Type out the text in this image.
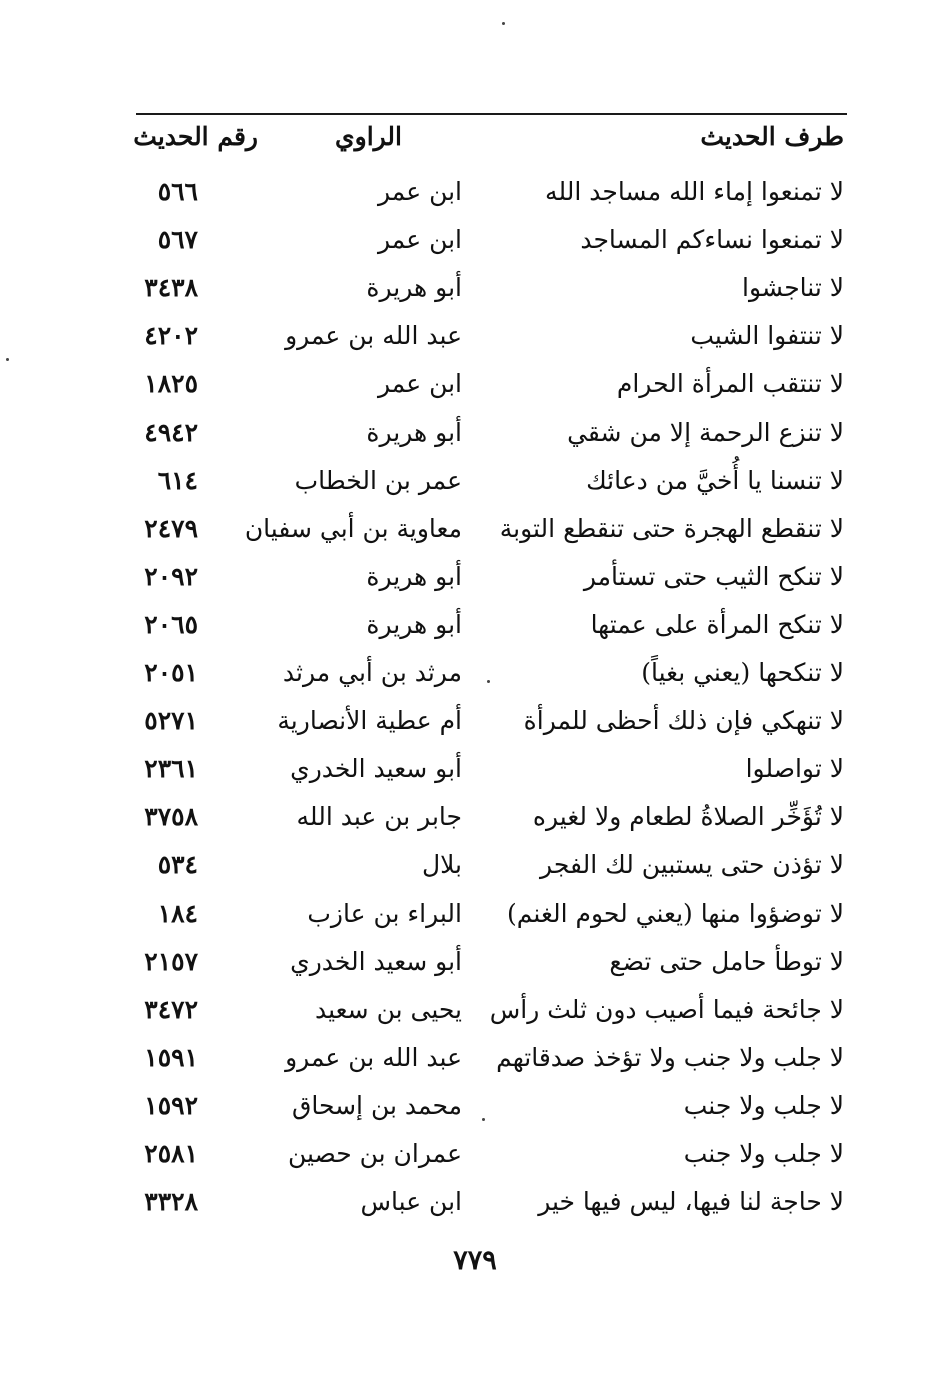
طرف الحديث
الراوي
رقم الحديث
لا تمنعوا إماء الله مساجد الله
ابن عمر
٥٦٦
لا تمنعوا نساءكم المساجد
ابن عمر
٥٦٧
لا تناجشوا
أبو هريرة
٣٤٣٨
لا تنتفوا الشيب
عبد الله بن عمرو
٤٢٠٢
لا تنتقب المرأة الحرام
ابن عمر
١٨٢٥
لا تنزع الرحمة إلا من شقي
أبو هريرة
٤٩٤٢
لا تنسنا يا أُخيَّ من دعائك
عمر بن الخطاب
٦١٤
لا تنقطع الهجرة حتى تنقطع التوبة
معاوية بن أبي سفيان
٢٤٧٩
لا تنكح الثيب حتى تستأمر
أبو هريرة
٢٠٩٢
لا تنكح المرأة على عمتها
أبو هريرة
٢٠٦٥
لا تنكحها (يعني بغياً)
مرثد بن أبي مرثد
٢٠٥١
لا تنهكي فإن ذلك أحظى للمرأة
أم عطية الأنصارية
٥٢٧١
لا تواصلوا
أبو سعيد الخدري
٢٣٦١
لا تُؤَخِّر الصلاةُ لطعام ولا لغيره
جابر بن عبد الله
٣٧٥٨
لا تؤذن حتى يستبين لك الفجر
بلال
٥٣٤
لا توضؤوا منها (يعني لحوم الغنم)
البراء بن عازب
١٨٤
لا توطأ حامل حتى تضع
أبو سعيد الخدري
٢١٥٧
لا جائحة فيما أصيب دون ثلث رأس
يحيى بن سعيد
٣٤٧٢
لا جلب ولا جنب ولا تؤخذ صدقاتهم
عبد الله بن عمرو
١٥٩١
لا جلب ولا جنب
محمد بن إسحاق
١٥٩٢
لا جلب ولا جنب
عمران بن حصين
٢٥٨١
لا حاجة لنا فيها، ليس فيها خير
ابن عباس
٣٣٢٨
٧٧٩
